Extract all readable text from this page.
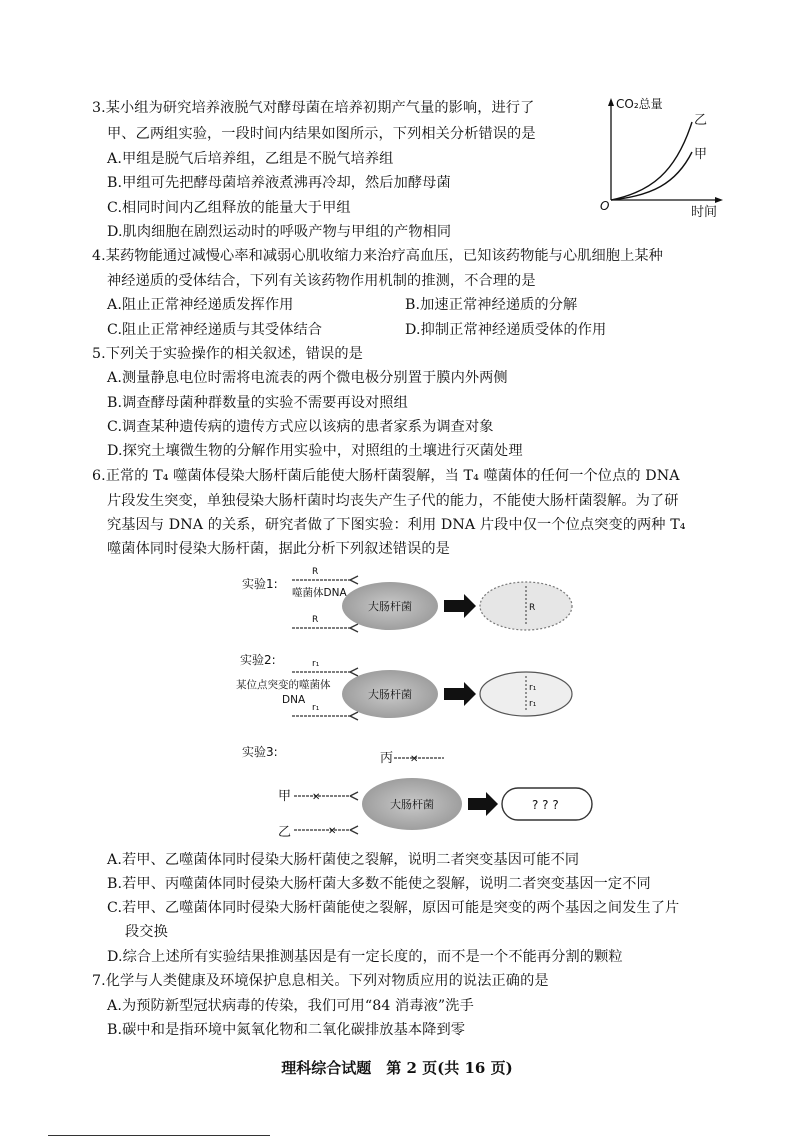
3.某小组为研究培养液脱气对酵母菌在培养初期产气量的影响，进行了
甲、乙两组实验，一段时间内结果如图所示，下列相关分析错误的是
A.甲组是脱气后培养组，乙组是不脱气培养组
B.甲组可先把酵母菌培养液煮沸再冷却，然后加酵母菌
C.相同时间内乙组释放的能量大于甲组
D.肌肉细胞在剧烈运动时的呼吸产物与甲组的产物相同
CO₂总量
时间
O
乙
甲
4.某药物能通过减慢心率和减弱心肌收缩力来治疗高血压，已知该药物能与心肌细胞上某种
神经递质的受体结合，下列有关该药物作用机制的推测，不合理的是
A.阻止正常神经递质发挥作用	B.加速正常神经递质的分解
C.阻止正常神经递质与其受体结合	D.抑制正常神经递质受体的作用
5.下列关于实验操作的相关叙述，错误的是
A.测量静息电位时需将电流表的两个微电极分别置于膜内外两侧
B.调查酵母菌种群数量的实验不需要再设对照组
C.调查某种遗传病的遗传方式应以该病的患者家系为调查对象
D.探究土壤微生物的分解作用实验中，对照组的土壤进行灭菌处理
6.正常的 T₄ 噬菌体侵染大肠杆菌后能使大肠杆菌裂解，当 T₄ 噬菌体的任何一个位点的 DNA
片段发生突变，单独侵染大肠杆菌时均丧失产生子代的能力，不能使大肠杆菌裂解。为了研
究基因与 DNA 的关系，研究者做了下图实验：利用 DNA 片段中仅一个位点突变的两种 T₄
噬菌体同时侵染大肠杆菌，据此分析下列叙述错误的是
实验1:
R
噬菌体DNA
R
大肠杆菌	R
实验2:	r₁
某位点突变的噬菌体
DNA
r₁
大肠杆菌	r₁
r₁
实验3:	丙 ✕
甲 ✕
乙	✕
大肠杆菌	? ? ?
A.若甲、乙噬菌体同时侵染大肠杆菌使之裂解，说明二者突变基因可能不同
B.若甲、丙噬菌体同时侵染大肠杆菌大多数不能使之裂解，说明二者突变基因一定不同
C.若甲、乙噬菌体同时侵染大肠杆菌能使之裂解，原因可能是突变的两个基因之间发生了片
段交换
D.综合上述所有实验结果推测基因是有一定长度的，而不是一个不能再分割的颗粒
7.化学与人类健康及环境保护息息相关。下列对物质应用的说法正确的是
A.为预防新型冠状病毒的传染，我们可用“84 消毒液”洗手
B.碳中和是指环境中氮氧化物和二氧化碳排放基本降到零
理科综合试题　第 2 页(共 16 页)
